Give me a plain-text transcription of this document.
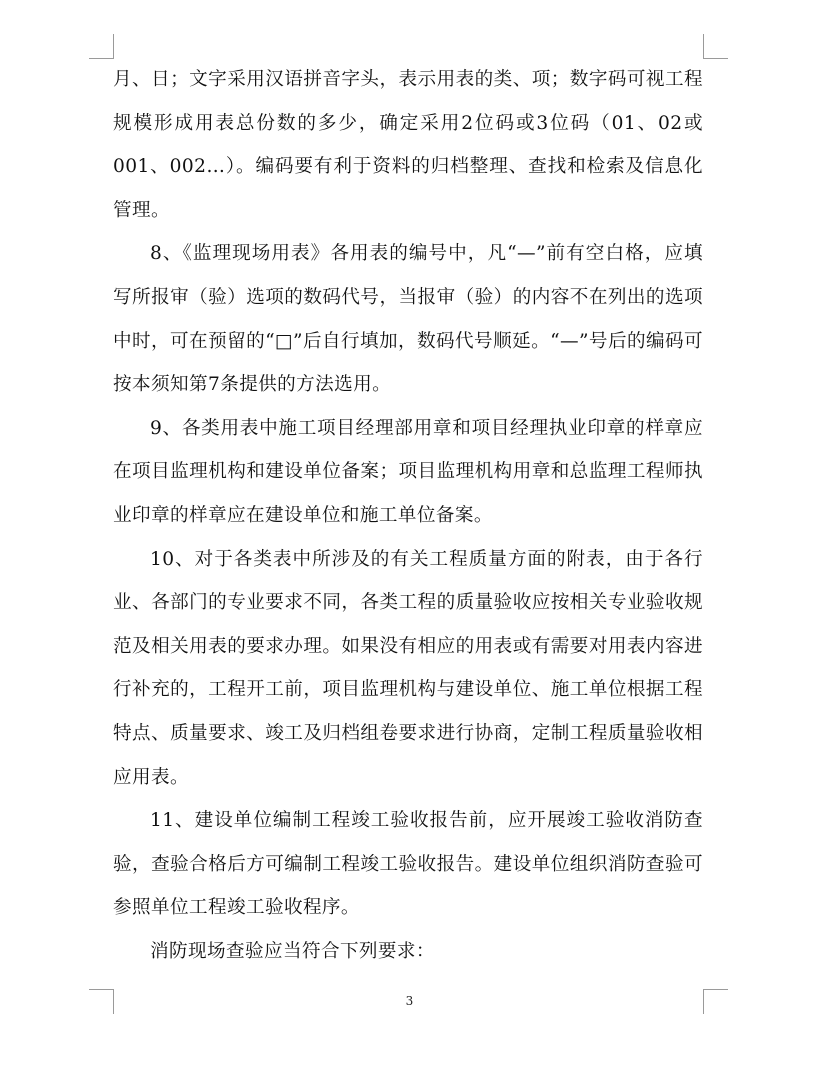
月、日；文字采用汉语拼音字头，表示用表的类、项；数字码可视工程规模形成用表总份数的多少，确定采用2位码或3位码（01、02或001、002…）。编码要有利于资料的归档整理、查找和检索及信息化管理。

8、《监理现场用表》各用表的编号中，凡“—”前有空白格，应填写所报审（验）选项的数码代号，当报审（验）的内容不在列出的选项中时，可在预留的“□”后自行填加，数码代号顺延。“—”号后的编码可按本须知第7条提供的方法选用。

9、各类用表中施工项目经理部用章和项目经理执业印章的样章应在项目监理机构和建设单位备案；项目监理机构用章和总监理工程师执业印章的样章应在建设单位和施工单位备案。

10、对于各类表中所涉及的有关工程质量方面的附表，由于各行业、各部门的专业要求不同，各类工程的质量验收应按相关专业验收规范及相关用表的要求办理。如果没有相应的用表或有需要对用表内容进行补充的，工程开工前，项目监理机构与建设单位、施工单位根据工程特点、质量要求、竣工及归档组卷要求进行协商，定制工程质量验收相应用表。

11、建设单位编制工程竣工验收报告前，应开展竣工验收消防查验，查验合格后方可编制工程竣工验收报告。建设单位组织消防查验可参照单位工程竣工验收程序。

消防现场查验应当符合下列要求：

3
